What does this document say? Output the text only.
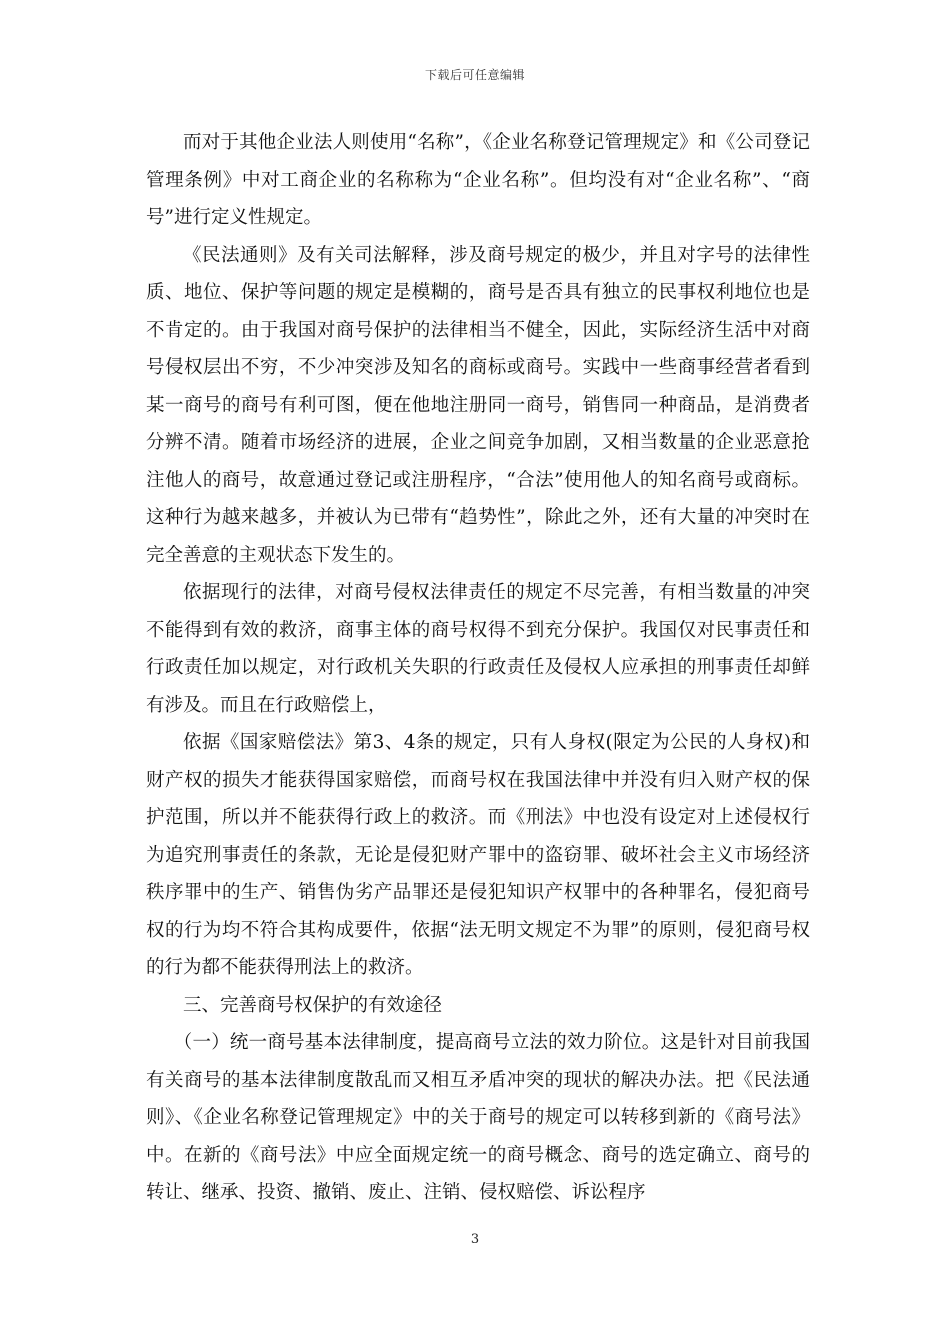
下载后可任意编辑

而对于其他企业法人则使用“名称”，《企业名称登记管理规定》和《公司登记管理条例》中对工商企业的名称称为“企业名称”。但均没有对“企业名称”、“商号”进行定义性规定。

《民法通则》及有关司法解释，涉及商号规定的极少，并且对字号的法律性质、地位、保护等问题的规定是模糊的，商号是否具有独立的民事权利地位也是不肯定的。由于我国对商号保护的法律相当不健全，因此，实际经济生活中对商号侵权层出不穷，不少冲突涉及知名的商标或商号。实践中一些商事经营者看到某一商号的商号有利可图，便在他地注册同一商号，销售同一种商品，是消费者分辨不清。随着市场经济的进展，企业之间竞争加剧，又相当数量的企业恶意抢注他人的商号，故意通过登记或注册程序，“合法”使用他人的知名商号或商标。这种行为越来越多，并被认为已带有“趋势性”，除此之外，还有大量的冲突时在完全善意的主观状态下发生的。

依据现行的法律，对商号侵权法律责任的规定不尽完善，有相当数量的冲突不能得到有效的救济，商事主体的商号权得不到充分保护。我国仅对民事责任和行政责任加以规定，对行政机关失职的行政责任及侵权人应承担的刑事责任却鲜有涉及。而且在行政赔偿上，

依据《国家赔偿法》第3、4条的规定，只有人身权(限定为公民的人身权)和财产权的损失才能获得国家赔偿，而商号权在我国法律中并没有归入财产权的保护范围，所以并不能获得行政上的救济。而《刑法》中也没有设定对上述侵权行为追究刑事责任的条款，无论是侵犯财产罪中的盗窃罪、破坏社会主义市场经济秩序罪中的生产、销售伪劣产品罪还是侵犯知识产权罪中的各种罪名，侵犯商号权的行为均不符合其构成要件，依据“法无明文规定不为罪”的原则，侵犯商号权的行为都不能获得刑法上的救济。

三、完善商号权保护的有效途径

（一）统一商号基本法律制度，提高商号立法的效力阶位。这是针对目前我国有关商号的基本法律制度散乱而又相互矛盾冲突的现状的解决办法。把《民法通则》、《企业名称登记管理规定》中的关于商号的规定可以转移到新的《商号法》中。在新的《商号法》中应全面规定统一的商号概念、商号的选定确立、商号的转让、继承、投资、撤销、废止、注销、侵权赔偿、诉讼程序

3
